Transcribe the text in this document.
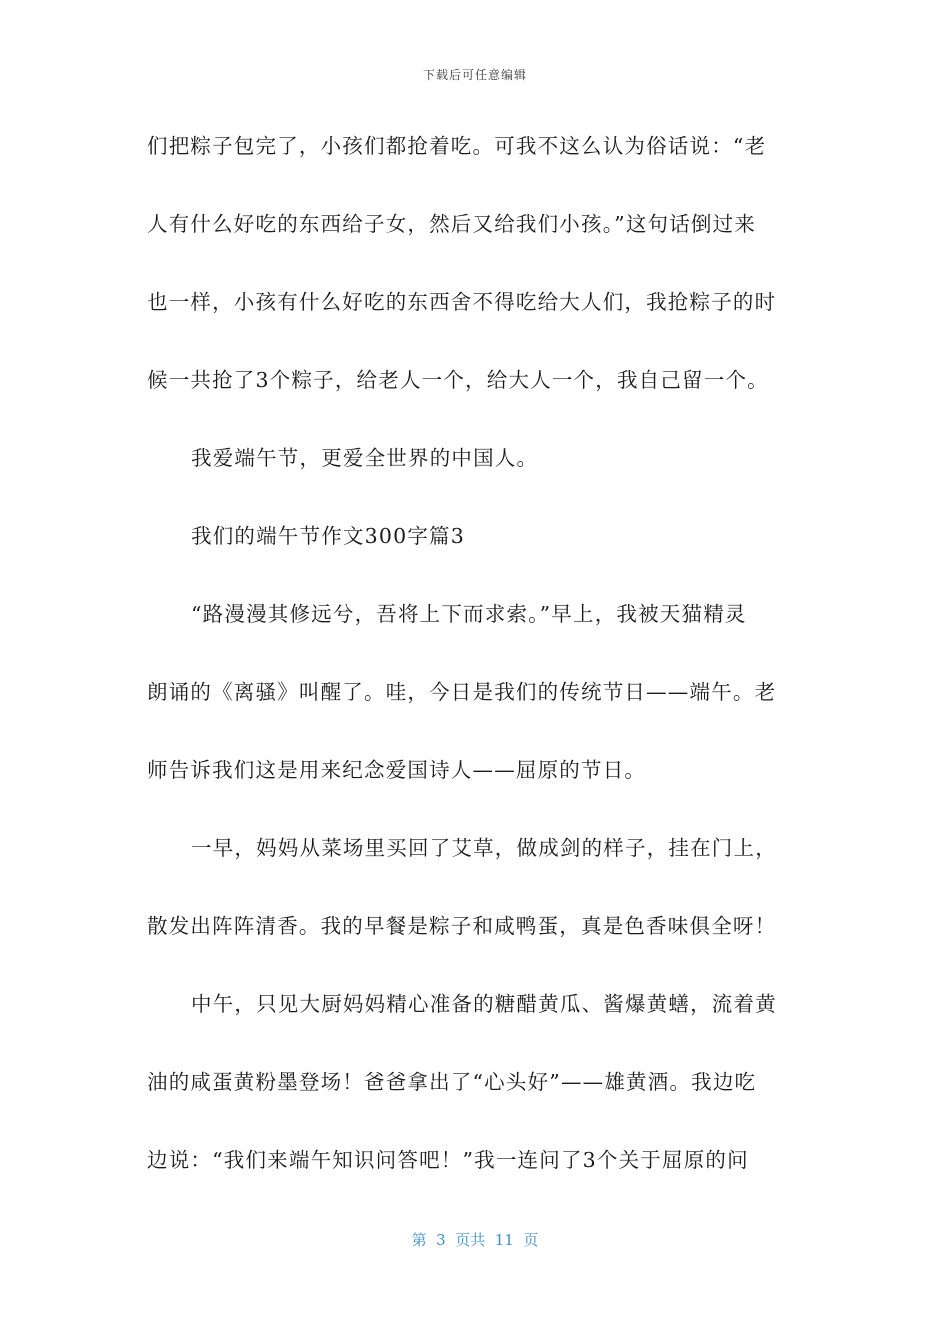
下载后可任意编辑
们把粽子包完了，小孩们都抢着吃。可我不这么认为俗话说：“老
人有什么好吃的东西给子女，然后又给我们小孩。”这句话倒过来
也一样，小孩有什么好吃的东西舍不得吃给大人们，我抢粽子的时
候一共抢了3个粽子，给老人一个，给大人一个，我自己留一个。
我爱端午节，更爱全世界的中国人。
我们的端午节作文300字篇3
“路漫漫其修远兮，吾将上下而求索。”早上，我被天猫精灵
朗诵的《离骚》叫醒了。哇，今日是我们的传统节日——端午。老
师告诉我们这是用来纪念爱国诗人——屈原的节日。
一早，妈妈从菜场里买回了艾草，做成剑的样子，挂在门上，
散发出阵阵清香。我的早餐是粽子和咸鸭蛋，真是色香味俱全呀！
中午，只见大厨妈妈精心准备的糖醋黄瓜、酱爆黄蟮，流着黄
油的咸蛋黄粉墨登场！爸爸拿出了“心头好”——雄黄酒。我边吃
边说：“我们来端午知识问答吧！”我一连问了3个关于屈原的问
第  3  页共  11  页
